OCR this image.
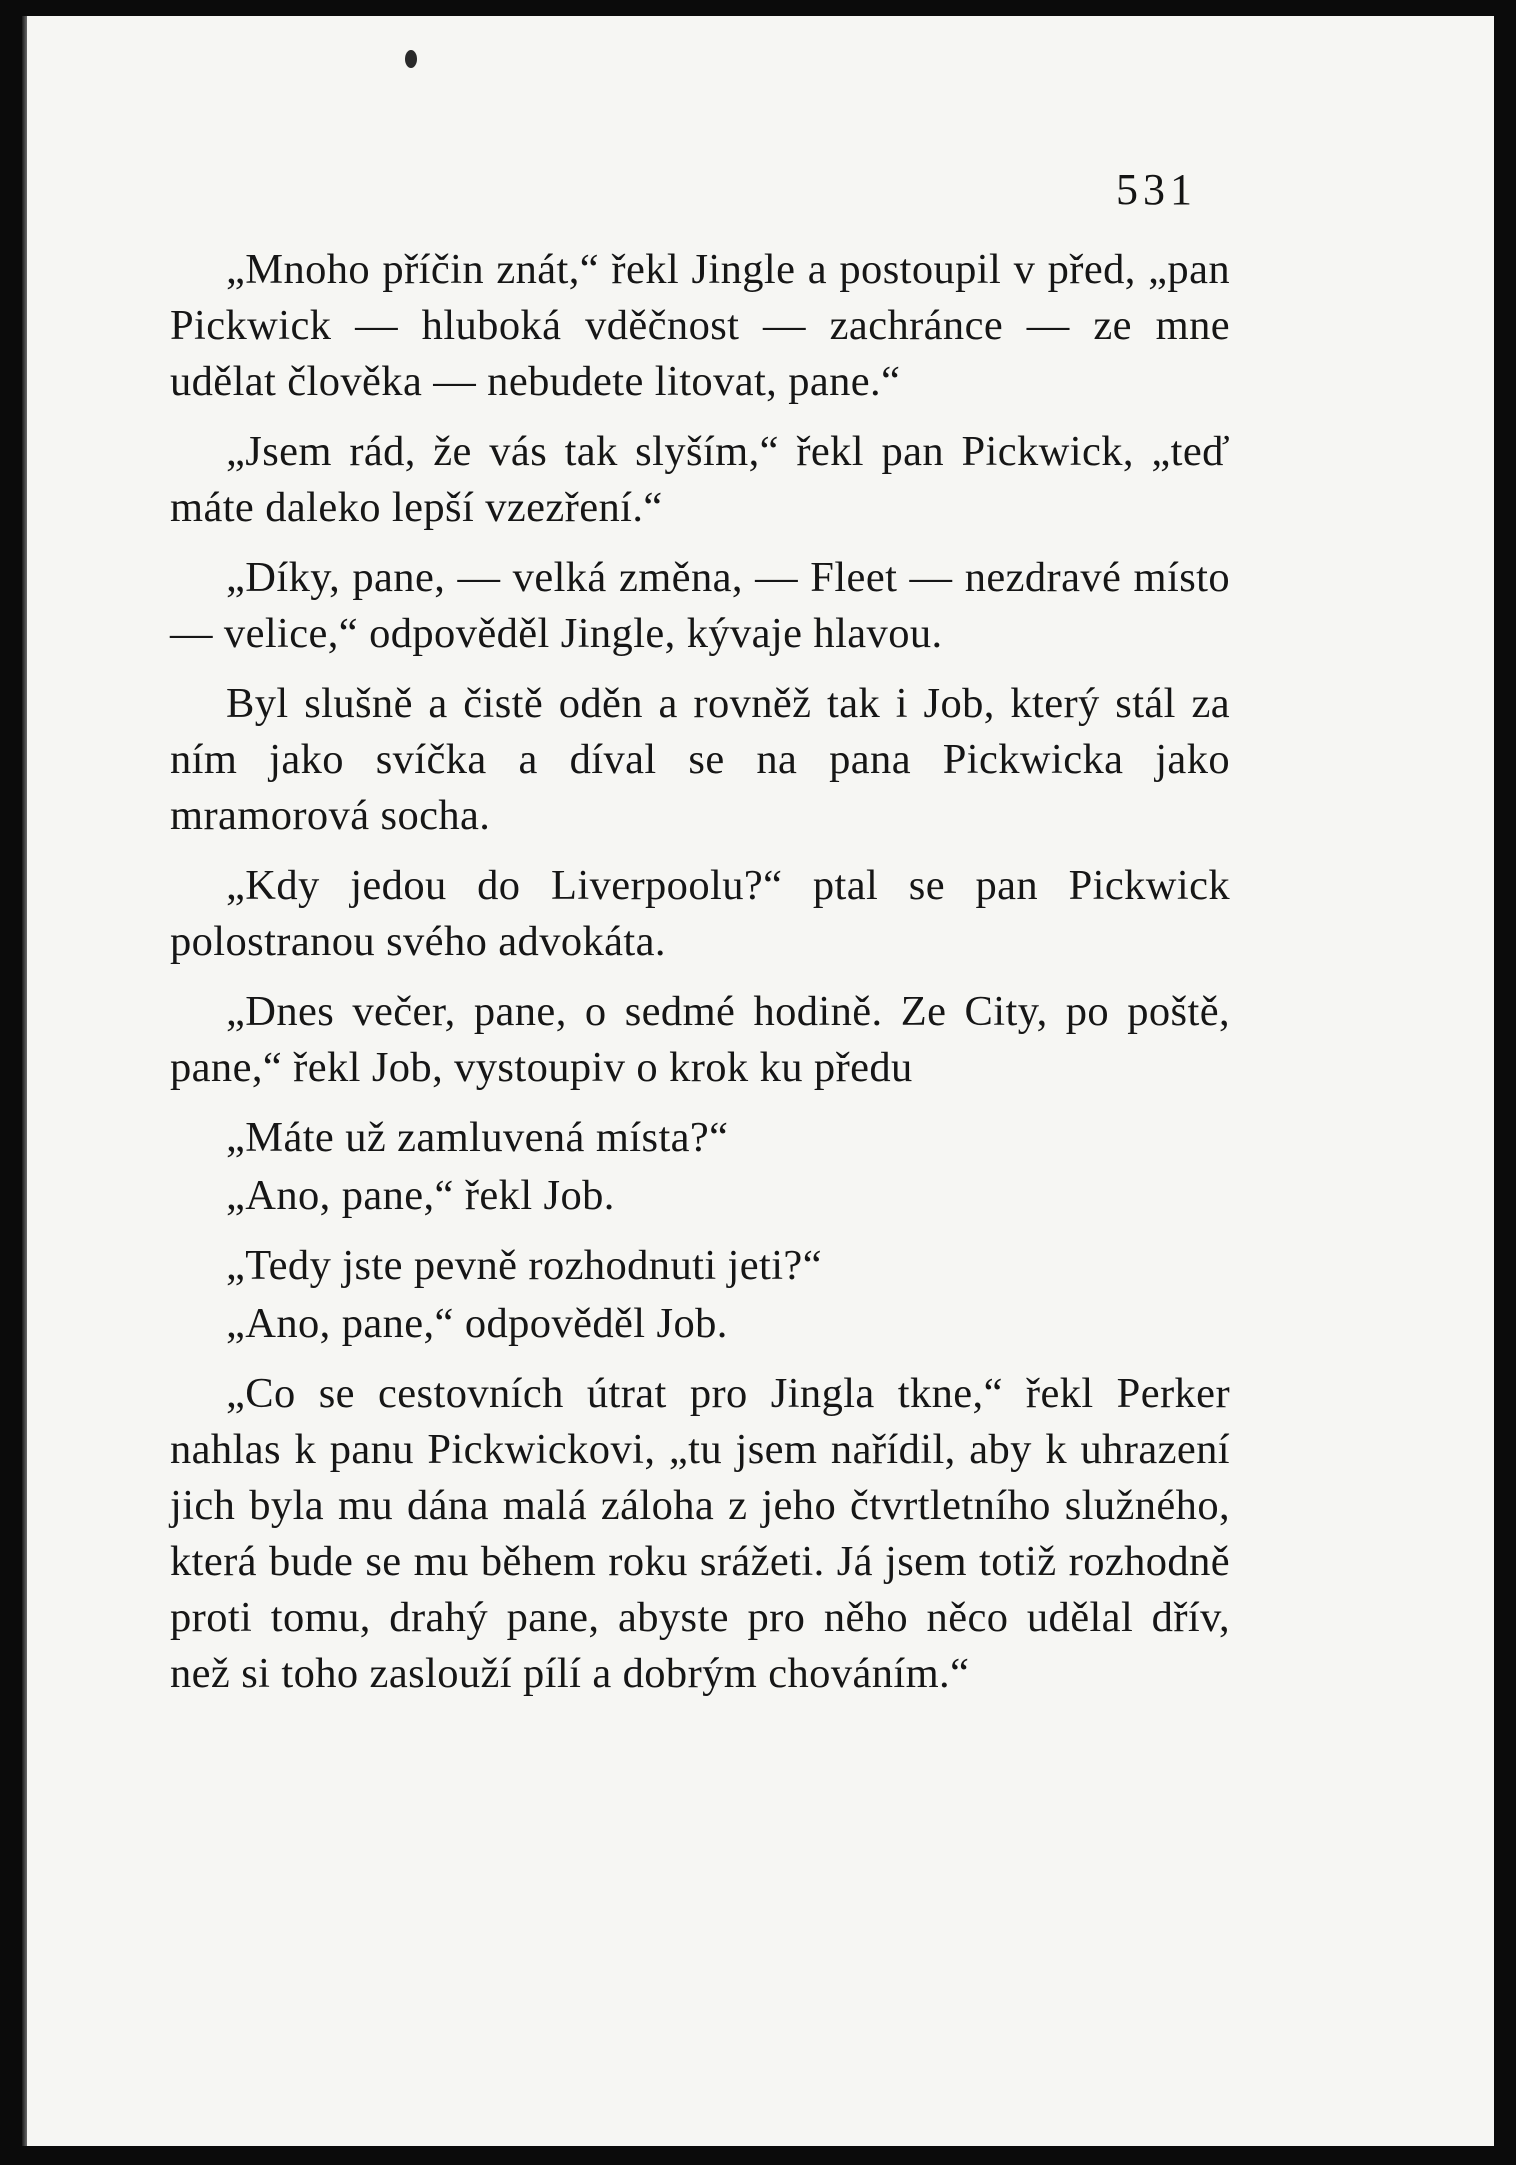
531

„Mnoho příčin znát,“ řekl Jingle a postoupil v před, „pan Pickwick — hluboká vděčnost — zachránce — ze mne udělat člověka — nebudete litovat, pane.“

„Jsem rád, že vás tak slyším,“ řekl pan Pickwick, „teď máte daleko lepší vzezření.“

„Díky, pane, — velká změna, — Fleet — nezdravé místo — velice,“ odpověděl Jingle, kývaje hlavou.

Byl slušně a čistě oděn a rovněž tak i Job, který stál za ním jako svíčka a díval se na pana Pickwicka jako mramorová socha.

„Kdy jedou do Liverpoolu?“ ptal se pan Pickwick polostranou svého advokáta.

„Dnes večer, pane, o sedmé hodině. Ze City, po poště, pane,“ řekl Job, vystoupiv o krok ku předu

„Máte už zamluvená místa?“

„Ano, pane,“ řekl Job.

„Tedy jste pevně rozhodnuti jeti?“

„Ano, pane,“ odpověděl Job.

„Co se cestovních útrat pro Jingla tkne,“ řekl Perker nahlas k panu Pickwickovi, „tu jsem nařídil, aby k uhrazení jich byla mu dána malá záloha z jeho čtvrtletního služného, která bude se mu během roku srážeti. Já jsem totiž rozhodně proti tomu, drahý pane, abyste pro něho něco udělal dřív, než si toho zaslouží pílí a dobrým chováním.“
